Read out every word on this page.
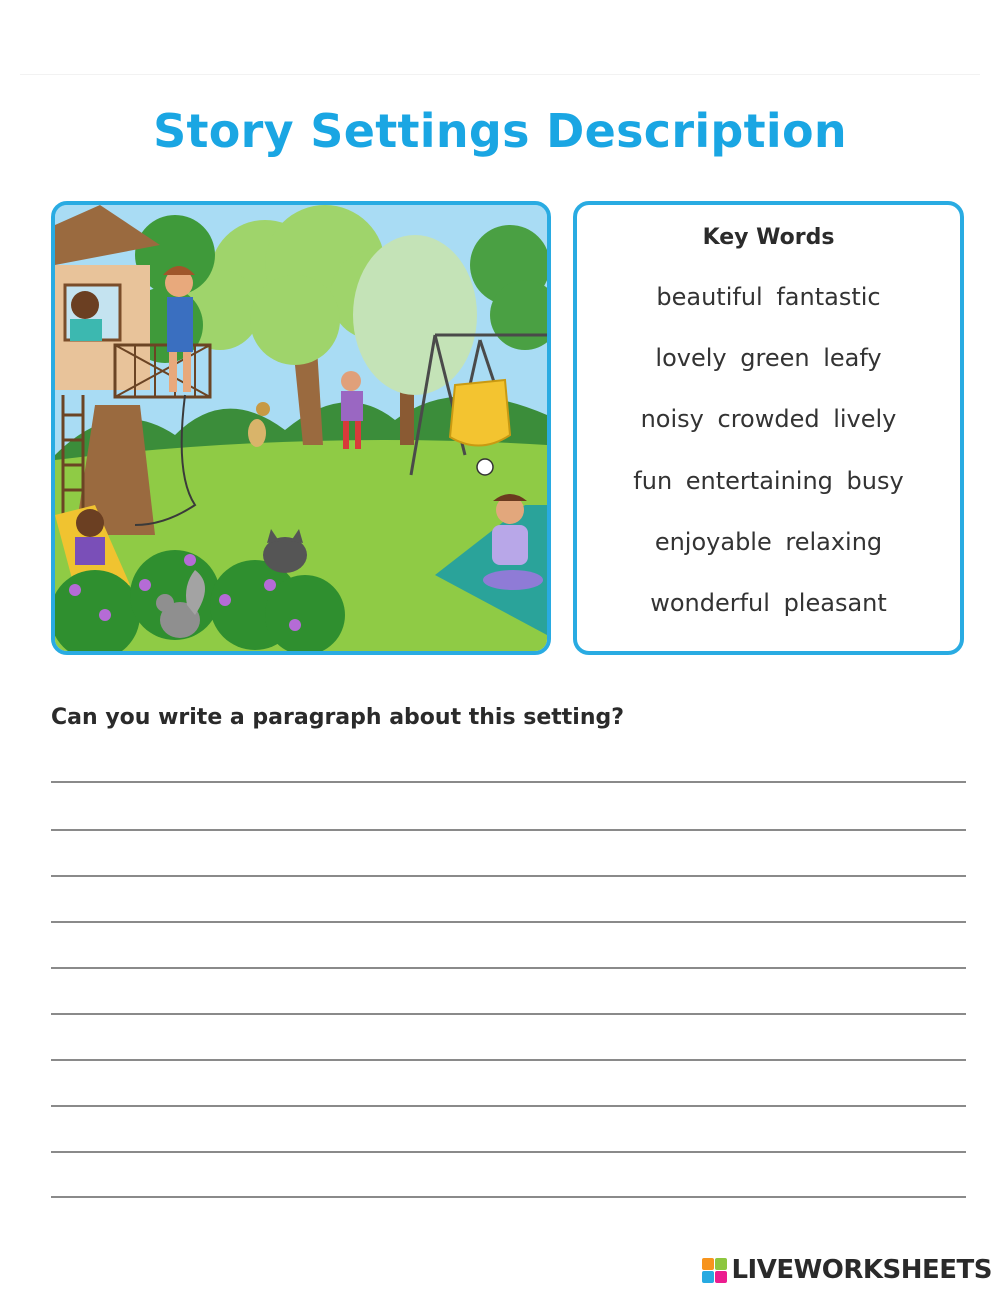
Story Settings Description
Key Words
beautiful fantastic
lovely green leafy
noisy crowded lively
fun entertaining busy
enjoyable relaxing
wonderful pleasant
Can you write a paragraph about this setting?
LIVEWORKSHEETS
